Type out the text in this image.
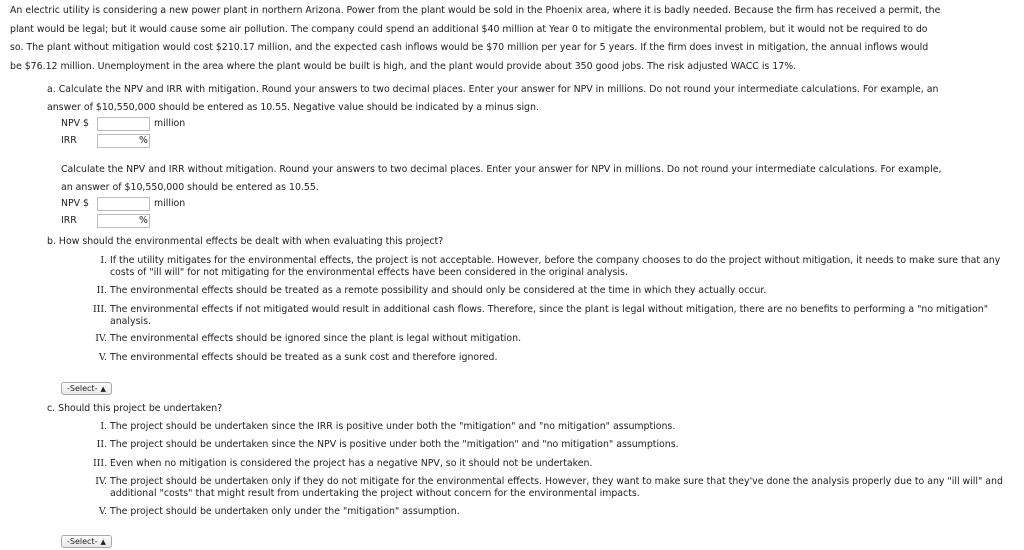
An electric utility is considering a new power plant in northern Arizona. Power from the plant would be sold in the Phoenix area, where it is badly needed. Because the firm has received a permit, the
plant would be legal; but it would cause some air pollution. The company could spend an additional $40 million at Year 0 to mitigate the environmental problem, but it would not be required to do
so. The plant without mitigation would cost $210.17 million, and the expected cash inflows would be $70 million per year for 5 years. If the firm does invest in mitigation, the annual inflows would
be $76.12 million. Unemployment in the area where the plant would be built is high, and the plant would provide about 350 good jobs. The risk adjusted WACC is 17%.
a. Calculate the NPV and IRR with mitigation. Round your answers to two decimal places. Enter your answer for NPV in millions. Do not round your intermediate calculations. For example, an
answer of $10,550,000 should be entered as 10.55. Negative value should be indicated by a minus sign.
NPV $	million
IRR	%
Calculate the NPV and IRR without mitigation. Round your answers to two decimal places. Enter your answer for NPV in millions. Do not round your intermediate calculations. For example,
an answer of $10,550,000 should be entered as 10.55.
NPV $	million
IRR	%
b. How should the environmental effects be dealt with when evaluating this project?
I. If the utility mitigates for the environmental effects, the project is not acceptable. However, before the company chooses to do the project without mitigation, it needs to make sure that any costs of "ill will" for not mitigating for the environmental effects have been considered in the original analysis.
II. The environmental effects should be treated as a remote possibility and should only be considered at the time in which they actually occur.
III. The environmental effects if not mitigated would result in additional cash flows. Therefore, since the plant is legal without mitigation, there are no benefits to performing a "no mitigation" analysis.
IV. The environmental effects should be ignored since the plant is legal without mitigation.
V. The environmental effects should be treated as a sunk cost and therefore ignored.
-Select- ▲︎
c. Should this project be undertaken?
I. The project should be undertaken since the IRR is positive under both the "mitigation" and "no mitigation" assumptions.
II. The project should be undertaken since the NPV is positive under both the "mitigation" and "no mitigation" assumptions.
III. Even when no mitigation is considered the project has a negative NPV, so it should not be undertaken.
IV. The project should be undertaken only if they do not mitigate for the environmental effects. However, they want to make sure that they've done the analysis properly due to any "ill will" and additional "costs" that might result from undertaking the project without concern for the environmental impacts.
V. The project should be undertaken only under the "mitigation" assumption.
-Select- ▲︎
